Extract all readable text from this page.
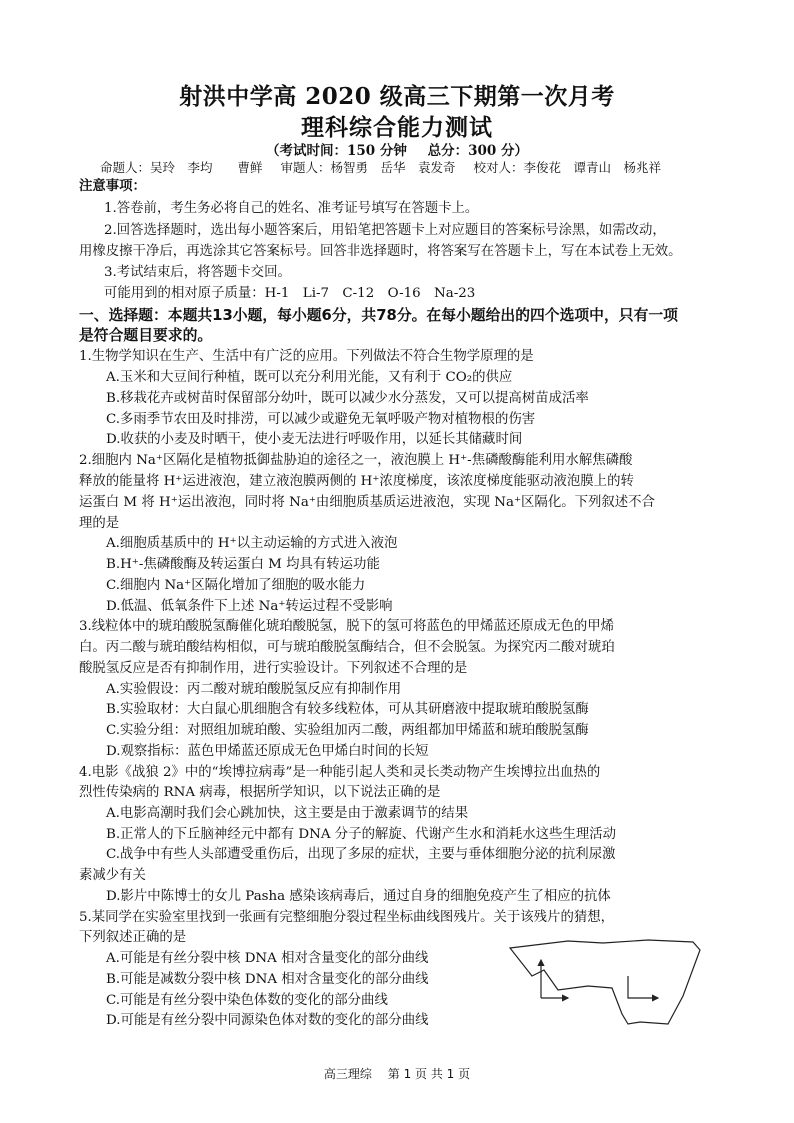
射洪中学高 2020 级高三下期第一次月考
理科综合能力测试
（考试时间：150 分钟 总分：300 分）
命题人：吴玲　李均　　曹鲜 审题人：杨智勇　岳华　袁发奇 校对人：李俊花　谭青山　杨兆祥
注意事项：
1.答卷前，考生务必将自己的姓名、准考证号填写在答题卡上。
2.回答选择题时，选出每小题答案后，用铅笔把答题卡上对应题目的答案标号涂黑，如需改动，
用橡皮擦干净后，再选涂其它答案标号。回答非选择题时，将答案写在答题卡上，写在本试卷上无效。
3.考试结束后，将答题卡交回。
可能用到的相对原子质量：H-1　Li-7　C-12　O-16　Na-23
一、选择题：本题共13小题，每小题6分，共78分。在每小题给出的四个选项中，只有一项
是符合题目要求的。
1.生物学知识在生产、生活中有广泛的应用。下列做法不符合生物学原理的是
A.玉米和大豆间行种植，既可以充分利用光能，又有利于 CO₂的供应
B.移栽花卉或树苗时保留部分幼叶，既可以减少水分蒸发，又可以提高树苗成活率
C.多雨季节农田及时排涝，可以减少或避免无氧呼吸产物对植物根的伤害
D.收获的小麦及时晒干，使小麦无法进行呼吸作用，以延长其储藏时间
2.细胞内 Na⁺区隔化是植物抵御盐胁迫的途径之一，液泡膜上 H⁺-焦磷酸酶能利用水解焦磷酸
释放的能量将 H⁺运进液泡，建立液泡膜两侧的 H⁺浓度梯度，该浓度梯度能驱动液泡膜上的转
运蛋白 M 将 H⁺运出液泡，同时将 Na⁺由细胞质基质运进液泡，实现 Na⁺区隔化。下列叙述不合
理的是
A.细胞质基质中的 H⁺以主动运输的方式进入液泡
B.H⁺-焦磷酸酶及转运蛋白 M 均具有转运功能
C.细胞内 Na⁺区隔化增加了细胞的吸水能力
D.低温、低氧条件下上述 Na⁺转运过程不受影响
3.线粒体中的琥珀酸脱氢酶催化琥珀酸脱氢，脱下的氢可将蓝色的甲烯蓝还原成无色的甲烯
白。丙二酸与琥珀酸结构相似，可与琥珀酸脱氢酶结合，但不会脱氢。为探究丙二酸对琥珀
酸脱氢反应是否有抑制作用，进行实验设计。下列叙述不合理的是
A.实验假设：丙二酸对琥珀酸脱氢反应有抑制作用
B.实验取材：大白鼠心肌细胞含有较多线粒体，可从其研磨液中提取琥珀酸脱氢酶
C.实验分组：对照组加琥珀酸、实验组加丙二酸，两组都加甲烯蓝和琥珀酸脱氢酶
D.观察指标：蓝色甲烯蓝还原成无色甲烯白时间的长短
4.电影《战狼 2》中的“埃博拉病毒”是一种能引起人类和灵长类动物产生埃博拉出血热的
烈性传染病的 RNA 病毒，根据所学知识，以下说法正确的是
A.电影高潮时我们会心跳加快，这主要是由于激素调节的结果
B.正常人的下丘脑神经元中都有 DNA 分子的解旋、代谢产生水和消耗水这些生理活动
C.战争中有些人头部遭受重伤后，出现了多尿的症状，主要与垂体细胞分泌的抗利尿激
素减少有关
D.影片中陈博士的女儿 Pasha 感染该病毒后，通过自身的细胞免疫产生了相应的抗体
5.某同学在实验室里找到一张画有完整细胞分裂过程坐标曲线图残片。关于该残片的猜想，
下列叙述正确的是
A.可能是有丝分裂中核 DNA 相对含量变化的部分曲线
B.可能是减数分裂中核 DNA 相对含量变化的部分曲线
C.可能是有丝分裂中染色体数的变化的部分曲线
D.可能是有丝分裂中同源染色体对数的变化的部分曲线
高三理综 第 1 页 共 1 页
